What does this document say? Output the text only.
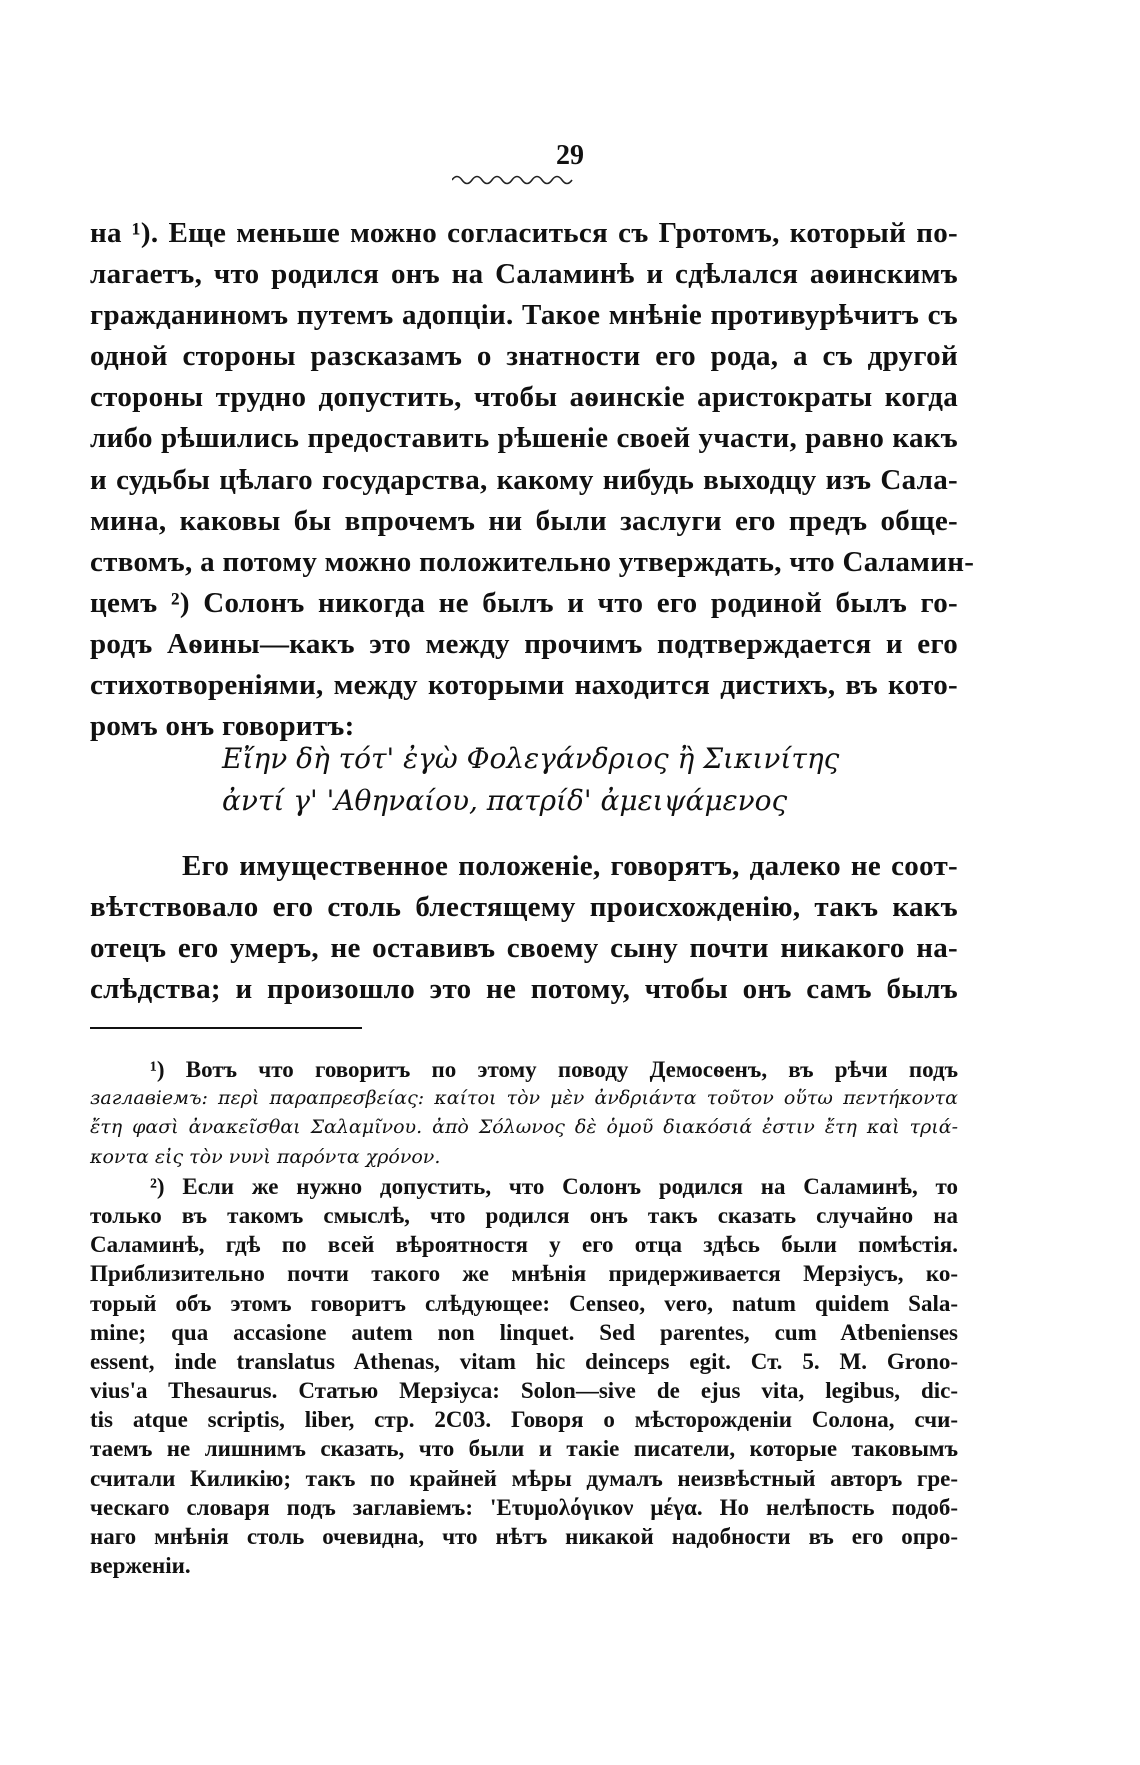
29
на ¹). Еще меньше можно согласиться съ Гротомъ, который по-
лагаетъ, что родился онъ на Саламинѣ и сдѣлался аѳинскимъ
гражданиномъ путемъ адопціи. Такое мнѣніе противурѣчитъ съ
одной стороны разсказамъ о знатности его рода, а съ другой
стороны трудно допустить, чтобы аѳинскіе аристократы когда
либо рѣшились предоставить рѣшеніе своей участи, равно какъ
и судьбы цѣлаго государства, какому нибудь выходцу изъ Сала-
мина, каковы бы впрочемъ ни были заслуги его предъ обще-
ствомъ, а потому можно положительно утверждать, что Саламин-
цемъ ²) Солонъ никогда не былъ и что его родиной былъ го-
родъ Аѳины—какъ это между прочимъ подтверждается и его
стихотвореніями, между которыми находится дистихъ, въ кото-
ромъ онъ говоритъ:
Εἴην δὴ τότ' ἐγὼ Φολεγάνδριος ἢ Σικινίτης
ἀντί γ' 'Αθηναίου, πατρίδ' ἀμειψάμενος
Его имущественное положеніе, говорятъ, далеко не соот-
вѣтствовало его столь блестящему происхожденію, такъ какъ
отецъ его умеръ, не оставивъ своему сыну почти никакого на-
слѣдства; и произошло это не потому, чтобы онъ самъ былъ
¹) Вотъ что говоритъ по этому поводу Демосѳенъ, въ рѣчи подъ
заглавіемъ: περὶ παραπρεσβείας: καίτοι τὸν μὲν ἀνδριάντα τοῦτον οὕτω πεντήκοντα
ἔτη φασὶ ἀνακεῖσθαι Σαλαμῖνου. ἀπὸ Σόλωνος δὲ ὁμοῦ διακόσιά ἐστιν ἔτη καὶ τριά-
κοντα εἰς τὸν νυνὶ παρόντα χρόνον.
²) Если же нужно допустить, что Солонъ родился на Саламинѣ, то
только въ такомъ смыслѣ, что родился онъ такъ сказать случайно на
Саламинѣ, гдѣ по всей вѣроятностя у его отца здѣсь были помѣстія.
Приблизительно почти такого же мнѣнія придерживается Мерзіусъ, ко-
торый объ этомъ говоритъ слѣдующее: Censeo, vero, natum quidem Sala-
mine; qua accasione autem non linquet. Sed parentes, cum Atbenienses
essent, inde translatus Athenas, vitam hic deinceps egit. Ст. 5. М. Grono-
vius'a Thesaurus. Статью Мерзіуса: Solon—sive de ejus vita, legibus, dic-
tis atque scriptis, liber, стр. 2С03. Говоря о мѣсторожденіи Солона, счи-
таемъ не лишнимъ сказать, что были и такіе писатели, которые таковымъ
считали Киликію; такъ по крайней мѣры думалъ неизвѣстный авторъ гре-
ческаго словаря подъ заглавіемъ: 'Ετυμολόγικον μέγα. Но нелѣпость подоб-
наго мнѣнія столь очевидна, что нѣтъ никакой надобности въ его опро-
верженіи.
